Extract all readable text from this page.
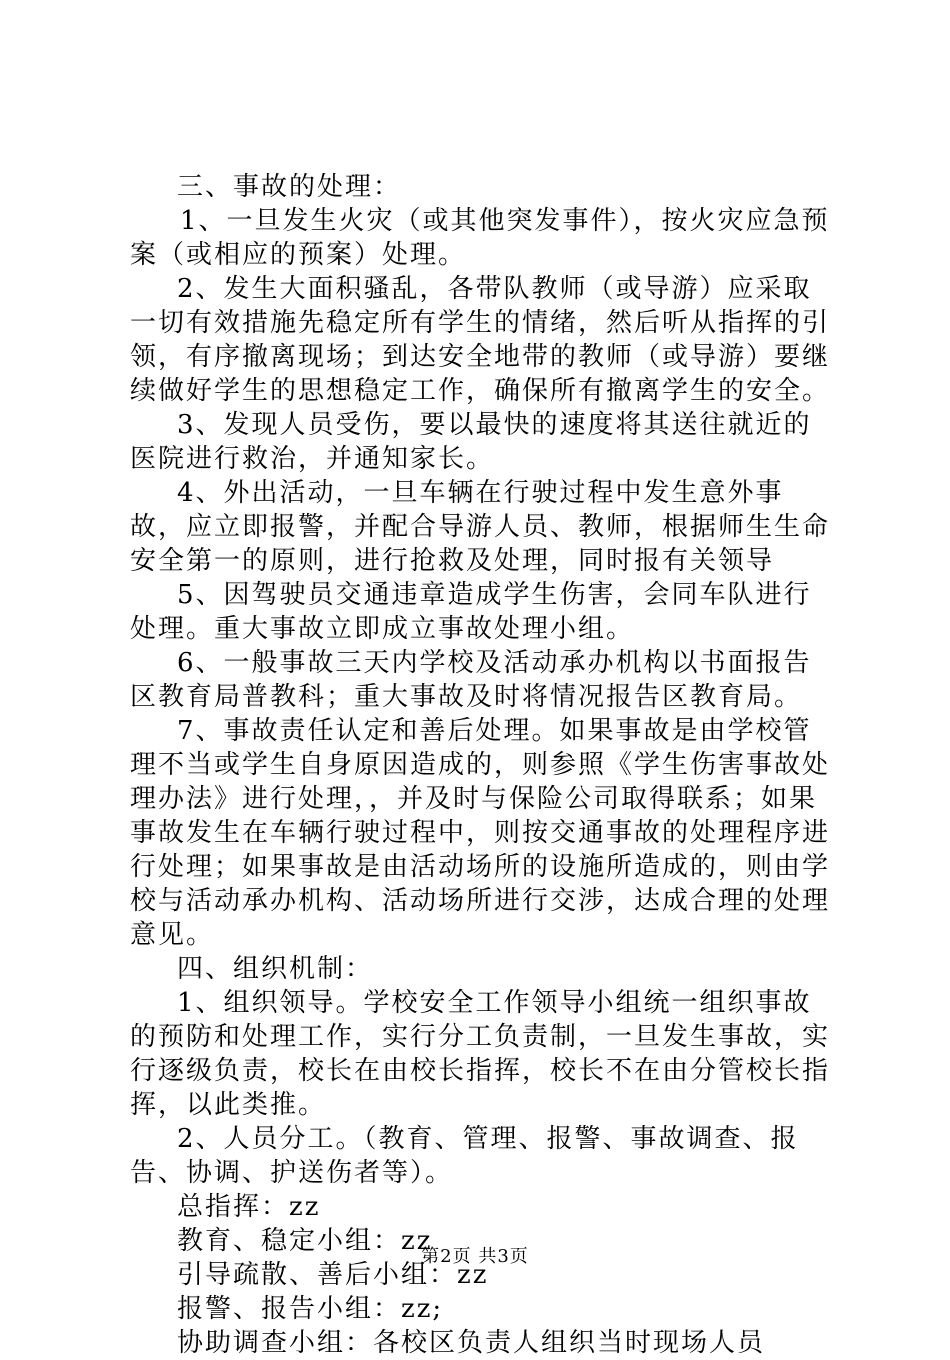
三、事故的处理：

1、一旦发生火灾（或其他突发事件），按火灾应急预案（或相应的预案）处理。

2、发生大面积骚乱，各带队教师（或导游）应采取一切有效措施先稳定所有学生的情绪，然后听从指挥的引领，有序撤离现场；到达安全地带的教师（或导游）要继续做好学生的思想稳定工作，确保所有撤离学生的安全。

3、发现人员受伤，要以最快的速度将其送往就近的医院进行救治，并通知家长。

4、外出活动，一旦车辆在行驶过程中发生意外事故，应立即报警，并配合导游人员、教师，根据师生生命安全第一的原则，进行抢救及处理，同时报有关领导

5、因驾驶员交通违章造成学生伤害，会同车队进行处理。重大事故立即成立事故处理小组。

6、一般事故三天内学校及活动承办机构以书面报告区教育局普教科；重大事故及时将情况报告区教育局。

7、事故责任认定和善后处理。如果事故是由学校管理不当或学生自身原因造成的，则参照《学生伤害事故处理办法》进行处理，，并及时与保险公司取得联系；如果事故发生在车辆行驶过程中，则按交通事故的处理程序进行处理；如果事故是由活动场所的设施所造成的，则由学校与活动承办机构、活动场所进行交涉，达成合理的处理意见。

四、组织机制：

1、组织领导。学校安全工作领导小组统一组织事故的预防和处理工作，实行分工负责制，一旦发生事故，实行逐级负责，校长在由校长指挥，校长不在由分管校长指挥，以此类推。

2、人员分工。（教育、管理、报警、事故调查、报告、协调、护送伤者等）。

总指挥：zz

教育、稳定小组：zz

引导疏散、善后小组：zz

报警、报告小组：zz;

协助调查小组：各校区负责人组织当时现场人员

第2页 共3页
